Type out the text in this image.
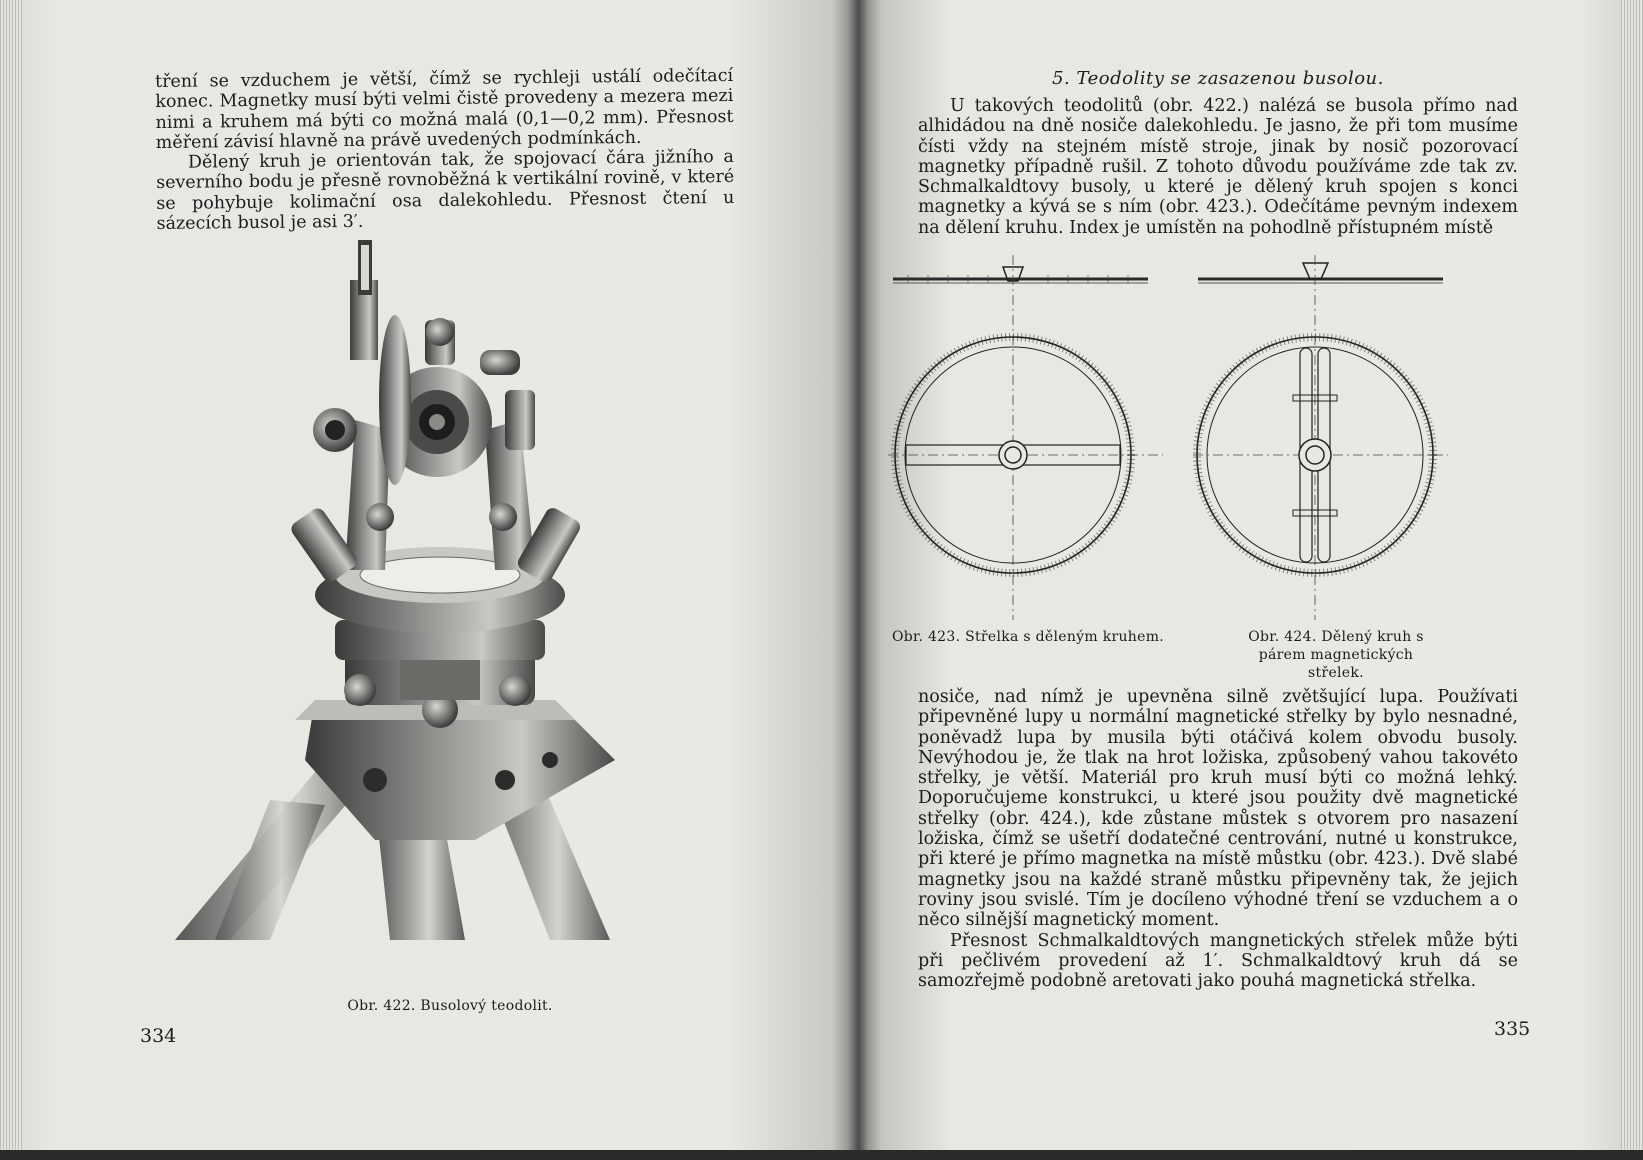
tření se vzduchem je větší, čímž se rychleji ustálí odečítací konec. Magnetky musí býti velmi čistě provedeny a mezera mezi nimi a kruhem má býti co možná malá (0,1—0,2 mm). Přesnost měření závisí hlavně na právě uvedených podmínkách.

Dělený kruh je orientován tak, že spojovací čára jižního a severního bodu je přesně rovnoběžná k vertikální rovině, v které se pohybuje kolimační osa dalekohledu. Přesnost čtení u sázecích busol je asi 3′.

Obr. 422. Busolový teodolit.
334
5. Teodolity se zasazenou busolou.

U takových teodolitů (obr. 422.) nalézá se busola přímo nad alhidádou na dně nosiče dalekohledu. Je jasno, že při tom musíme čísti vždy na stejném místě stroje, jinak by nosič pozorovací magnetky případně rušil. Z tohoto důvodu používáme zde tak zv. Schmalkaldtovy busoly, u které je dělený kruh spojen s konci magnetky a kývá se s ním (obr. 423.). Odečítáme pevným indexem na dělení kruhu. Index je umístěn na pohodlně přístupném místě

Obr. 423. Střelka s děleným kruhem.	Obr. 424. Dělený kruh s párem magnetických střelek.

nosiče, nad nímž je upevněna silně zvětšující lupa. Používati připevněné lupy u normální magnetické střelky by bylo nesnadné, poněvadž lupa by musila býti otáčivá kolem obvodu busoly. Nevýhodou je, že tlak na hrot ložiska, způsobený vahou takovéto střelky, je větší. Materiál pro kruh musí býti co možná lehký. Doporučujeme konstrukci, u které jsou použity dvě magnetické střelky (obr. 424.), kde zůstane můstek s otvorem pro nasazení ložiska, čímž se ušetří dodatečné centrování, nutné u konstrukce, při které je přímo magnetka na místě můstku (obr. 423.). Dvě slabé magnetky jsou na každé straně můstku připevněny tak, že jejich roviny jsou svislé. Tím je docíleno výhodné tření se vzduchem a o něco silnější magnetický moment.

Přesnost Schmalkaldtových mangnetických střelek může býti při pečlivém provedení až 1′. Schmalkaldtový kruh dá se samozřejmě podobně aretovati jako pouhá magnetická střelka.

335
